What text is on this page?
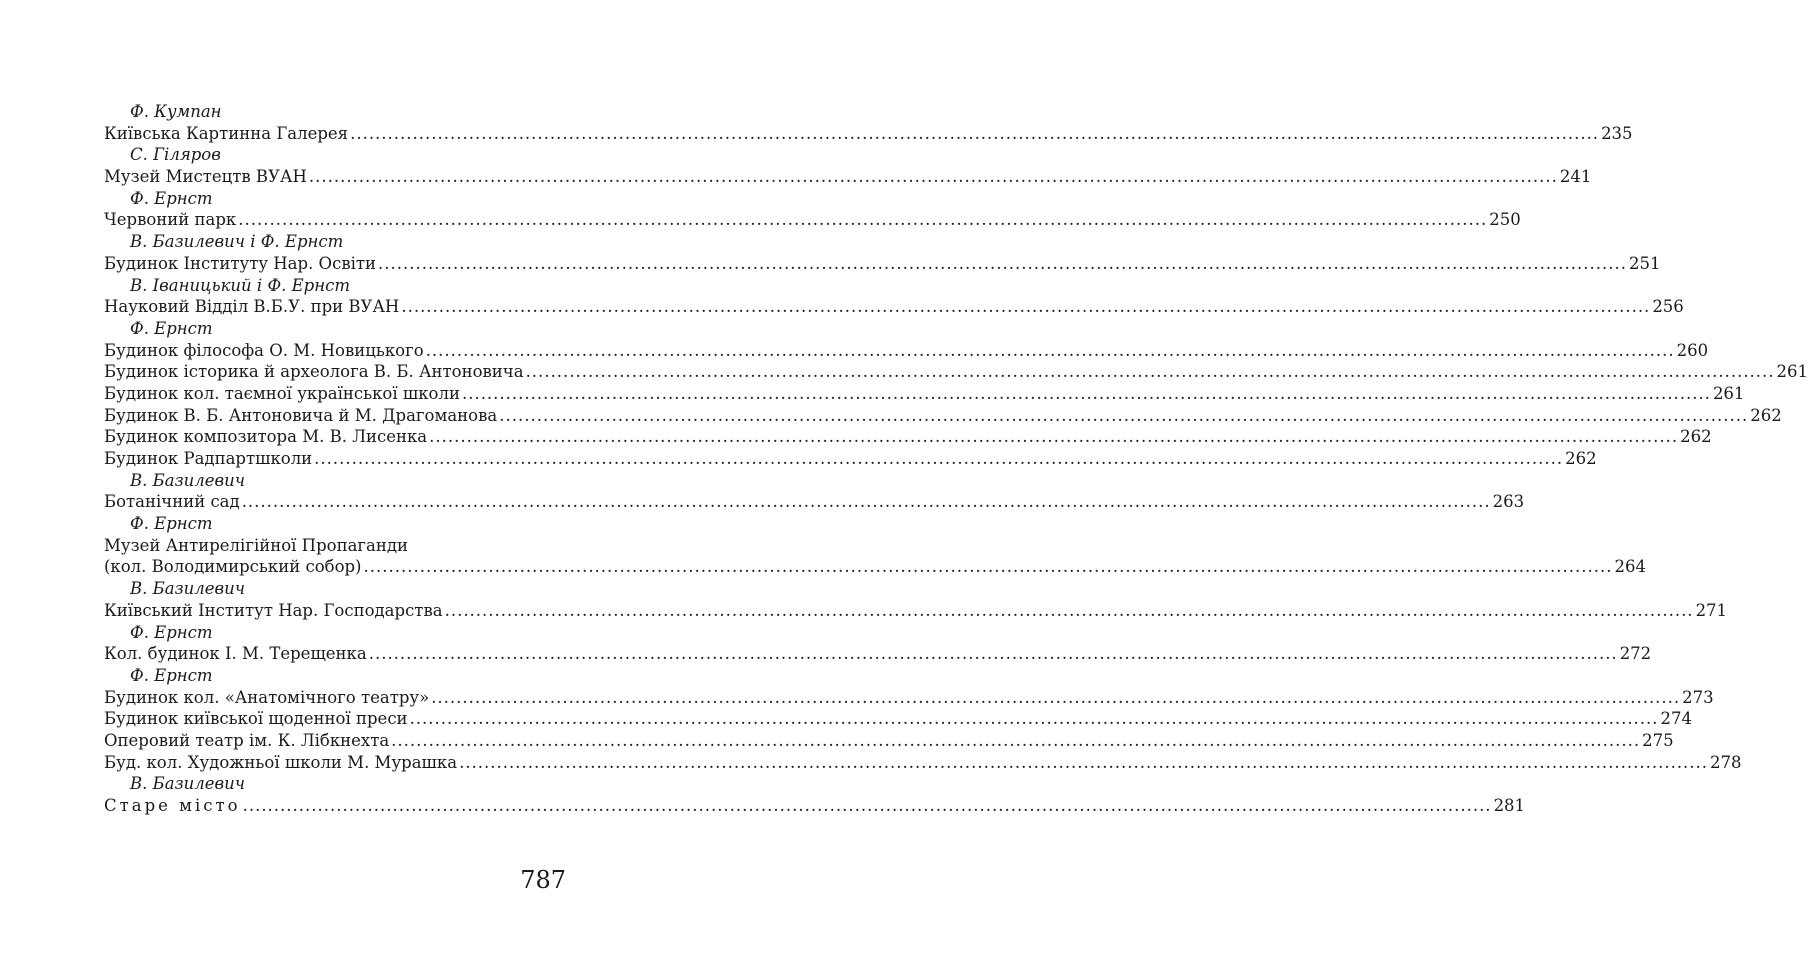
Ф. Кумпан
Київська Картинна Галерея ........................................................................................................................................................................................................ 235
С. Гіляров
Музей Мистецтв ВУАН ........................................................................................................................................................................................................ 241
Ф. Ернст
Червоний парк ........................................................................................................................................................................................................ 250
В. Базилевич і Ф. Ернст
Будинок Інституту Нар. Освіти ........................................................................................................................................................................................................ 251
В. Іваницький і Ф. Ернст
Науковий Відділ В.Б.У. при ВУАН ........................................................................................................................................................................................................ 256
Ф. Ернст
Будинок філософа О. М. Новицького ........................................................................................................................................................................................................ 260
Будинок історика й археолога В. Б. Антоновича ........................................................................................................................................................................................................ 261
Будинок кол. таємної української школи ........................................................................................................................................................................................................ 261
Будинок В. Б. Антоновича й М. Драгоманова ........................................................................................................................................................................................................ 262
Будинок композитора М. В. Лисенка ........................................................................................................................................................................................................ 262
Будинок Радпартшколи ........................................................................................................................................................................................................ 262
В. Базилевич
Ботанічний сад ........................................................................................................................................................................................................ 263
Ф. Ернст
Музей Антирелігійної Пропаганди
(кол. Володимирський собор) ........................................................................................................................................................................................................ 264
В. Базилевич
Київський Інститут Нар. Господарства ........................................................................................................................................................................................................ 271
Ф. Ернст
Кол. будинок І. М. Терещенка ........................................................................................................................................................................................................ 272
Ф. Ернст
Будинок кол. «Анатомічного театру» ........................................................................................................................................................................................................ 273
Будинок київської щоденної преси ........................................................................................................................................................................................................ 274
Оперовий театр ім. К. Лібкнехта ........................................................................................................................................................................................................ 275
Буд. кол. Художньої школи М. Мурашка ........................................................................................................................................................................................................ 278
В. Базилевич
Старе місто ........................................................................................................................................................................................................ 281
787
